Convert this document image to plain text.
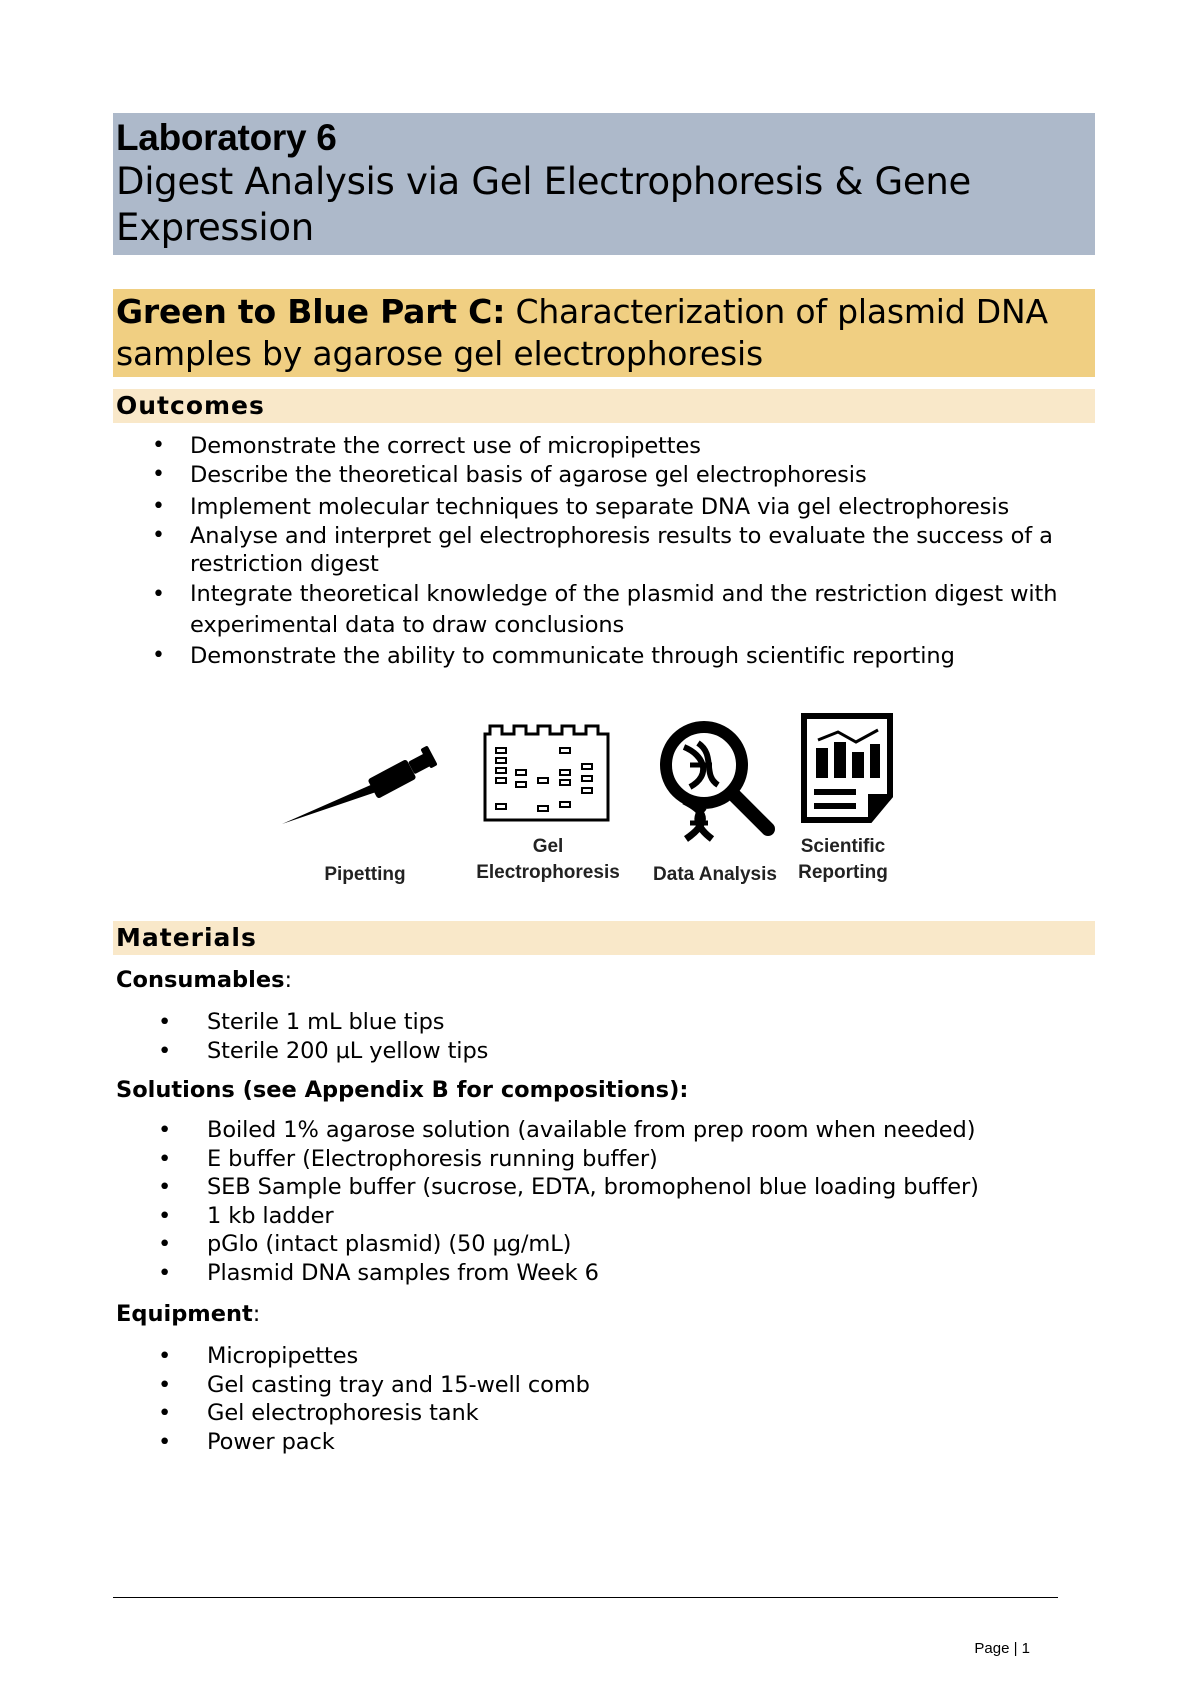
Laboratory 6
Digest Analysis via Gel Electrophoresis & Gene Expression
Green to Blue Part C: Characterization of plasmid DNA samples by agarose gel electrophoresis
Outcomes
• Demonstrate the correct use of micropipettes
• Describe the theoretical basis of agarose gel electrophoresis
• Implement molecular techniques to separate DNA via gel electrophoresis
• Analyse and interpret gel electrophoresis results to evaluate the success of a restriction digest
• Integrate theoretical knowledge of the plasmid and the restriction digest with experimental data to draw conclusions
• Demonstrate the ability to communicate through scientific reporting
Pipetting
Gel
Electrophoresis	Data Analysis
Scientific
Reporting
Materials
Consumables:
• Sterile 1 mL blue tips
• Sterile 200 µL yellow tips
Solutions (see Appendix B for compositions):
• Boiled 1% agarose solution (available from prep room when needed)
• E buffer (Electrophoresis running buffer)
• SEB Sample buffer (sucrose, EDTA, bromophenol blue loading buffer)
• 1 kb ladder
• pGlo (intact plasmid) (50 µg/mL)
• Plasmid DNA samples from Week 6
Equipment:
• Micropipettes
• Gel casting tray and 15-well comb
• Gel electrophoresis tank
• Power pack
Page | 1
